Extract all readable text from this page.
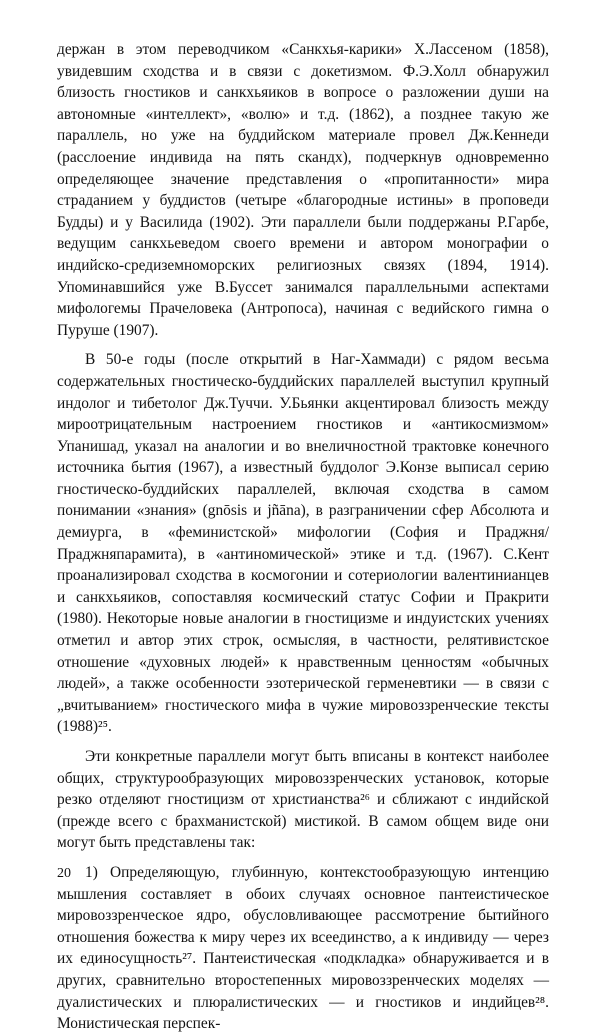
держан в этом переводчиком «Санкхья-карики» Х.Лассеном (1858), увидевшим сходства и в связи с докетизмом. Ф.Э.Холл обнаружил близость гностиков и санкхьяиков в вопросе о разложении души на автономные «интеллект», «волю» и т.д. (1862), а позднее такую же параллель, но уже на буддийском материале провел Дж.Кеннеди (расслоение индивида на пять скандх), подчеркнув одновременно определяющее значение представления о «пропитанности» мира страданием у буддистов (четыре «благородные истины» в проповеди Будды) и у Василида (1902). Эти параллели были поддержаны Р.Гарбе, ведущим санкхьеведом своего времени и автором монографии о индийско-средиземноморских религиозных связях (1894, 1914). Упоминавшийся уже В.Буссет занимался параллельными аспектами мифологемы Прачеловека (Антропоса), начиная с ведийского гимна о Пуруше (1907).

В 50-е годы (после открытий в Наг-Хаммади) с рядом весьма содержательных гностическо-буддийских параллелей выступил крупный индолог и тибетолог Дж.Туччи. У.Бьянки акцентировал близость между мироотрицательным настроением гностиков и «антикосмизмом» Упанишад, указал на аналогии и во внеличностной трактовке конечного источника бытия (1967), а известный буддолог Э.Конзе выписал серию гностическо-буддийских параллелей, включая сходства в самом понимании «знания» (gnōsis и jñāna), в разграничении сфер Абсолюта и демиурга, в «феминистской» мифологии (София и Праджня/Праджняпарамита), в «антиномической» этике и т.д. (1967). С.Кент проанализировал сходства в космогонии и сотериологии валентинианцев и санкхьяиков, сопоставляя космический статус Софии и Пракрити (1980). Некоторые новые аналогии в гностицизме и индуистских учениях отметил и автор этих строк, осмысляя, в частности, релятивистское отношение «духовных людей» к нравственным ценностям «обычных людей», а также особенности эзотерической герменевтики — в связи с „вчитыванием» гностического мифа в чужие мировоззренческие тексты (1988)²⁵.

Эти конкретные параллели могут быть вписаны в контекст наиболее общих, структурообразующих мировоззренческих установок, которые резко отделяют гностицизм от христианства²⁶ и сближают с индийской (прежде всего с брахманистской) мистикой. В самом общем виде они могут быть представлены так:

1) Определяющую, глубинную, контекстообразующую интенцию мышления составляет в обоих случаях основное пантеистическое мировоззренческое ядро, обусловливающее рассмотрение бытийного отношения божества к миру через их всеединство, а к индивиду — через их единосущность²⁷. Пантеистическая «подкладка» обнаруживается и в других, сравнительно второстепенных мировоззренческих моделях — дуалистических и плюралистических — и гностиков и индийцев²⁸. Монистическая перспек-

20
